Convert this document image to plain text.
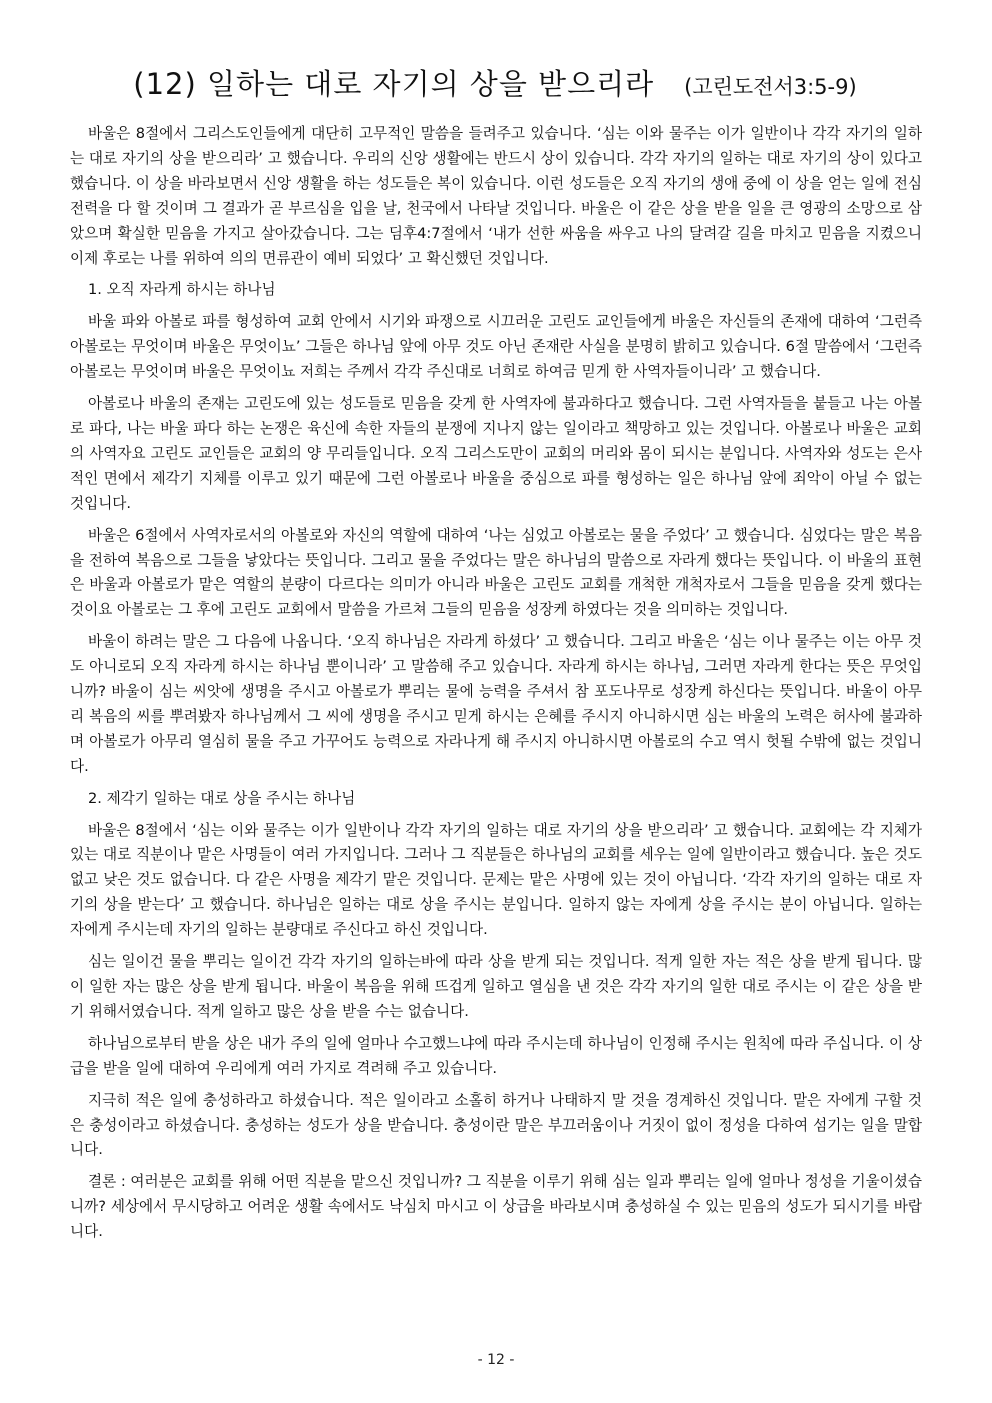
(12) 일하는 대로 자기의 상을 받으리라 (고린도전서3:5-9)

바울은 8절에서 그리스도인들에게 대단히 고무적인 말씀을 들려주고 있습니다. ‘심는 이와 물주는 이가 일반이나 각각 자기의 일하는 대로 자기의 상을 받으리라’ 고 했습니다. 우리의 신앙 생활에는 반드시 상이 있습니다. 각각 자기의 일하는 대로 자기의 상이 있다고 했습니다. 이 상을 바라보면서 신앙 생활을 하는 성도들은 복이 있습니다. 이런 성도들은 오직 자기의 생애 중에 이 상을 얻는 일에 전심전력을 다 할 것이며 그 결과가 곧 부르심을 입을 날, 천국에서 나타날 것입니다. 바울은 이 같은 상을 받을 일을 큰 영광의 소망으로 삼았으며 확실한 믿음을 가지고 살아갔습니다. 그는 딤후4:7절에서 ‘내가 선한 싸움을 싸우고 나의 달려갈 길을 마치고 믿음을 지켰으니 이제 후로는 나를 위하여 의의 면류관이 예비 되었다’ 고 확신했던 것입니다.

1. 오직 자라게 하시는 하나님

바울 파와 아볼로 파를 형성하여 교회 안에서 시기와 파쟁으로 시끄러운 고린도 교인들에게 바울은 자신들의 존재에 대하여 ‘그런즉 아볼로는 무엇이며 바울은 무엇이뇨’ 그들은 하나님 앞에 아무 것도 아닌 존재란 사실을 분명히 밝히고 있습니다. 6절 말씀에서 ‘그런즉 아볼로는 무엇이며 바울은 무엇이뇨 저희는 주께서 각각 주신대로 너희로 하여금 믿게 한 사역자들이니라’ 고 했습니다.

아볼로나 바울의 존재는 고린도에 있는 성도들로 믿음을 갖게 한 사역자에 불과하다고 했습니다. 그런 사역자들을 붙들고 나는 아볼로 파다, 나는 바울 파다 하는 논쟁은 육신에 속한 자들의 분쟁에 지나지 않는 일이라고 책망하고 있는 것입니다. 아볼로나 바울은 교회의 사역자요 고린도 교인들은 교회의 양 무리들입니다. 오직 그리스도만이 교회의 머리와 몸이 되시는 분입니다. 사역자와 성도는 은사적인 면에서 제각기 지체를 이루고 있기 때문에 그런 아볼로나 바울을 중심으로 파를 형성하는 일은 하나님 앞에 죄악이 아닐 수 없는 것입니다.

바울은 6절에서 사역자로서의 아볼로와 자신의 역할에 대하여 ‘나는 심었고 아볼로는 물을 주었다’ 고 했습니다. 심었다는 말은 복음을 전하여 복음으로 그들을 낳았다는 뜻입니다. 그리고 물을 주었다는 말은 하나님의 말씀으로 자라게 했다는 뜻입니다. 이 바울의 표현은 바울과 아볼로가 맡은 역할의 분량이 다르다는 의미가 아니라 바울은 고린도 교회를 개척한 개척자로서 그들을 믿음을 갖게 했다는 것이요 아볼로는 그 후에 고린도 교회에서 말씀을 가르쳐 그들의 믿음을 성장케 하였다는 것을 의미하는 것입니다.

바울이 하려는 말은 그 다음에 나옵니다. ‘오직 하나님은 자라게 하셨다’ 고 했습니다. 그리고 바울은 ‘심는 이나 물주는 이는 아무 것도 아니로되 오직 자라게 하시는 하나님 뿐이니라’ 고 말씀해 주고 있습니다. 자라게 하시는 하나님, 그러면 자라게 한다는 뜻은 무엇입니까? 바울이 심는 씨앗에 생명을 주시고 아볼로가 뿌리는 물에 능력을 주셔서 참 포도나무로 성장케 하신다는 뜻입니다. 바울이 아무리 복음의 씨를 뿌려봤자 하나님께서 그 씨에 생명을 주시고 믿게 하시는 은혜를 주시지 아니하시면 심는 바울의 노력은 허사에 불과하며 아볼로가 아무리 열심히 물을 주고 가꾸어도 능력으로 자라나게 해 주시지 아니하시면 아볼로의 수고 역시 헛될 수밖에 없는 것입니다.

2. 제각기 일하는 대로 상을 주시는 하나님

바울은 8절에서 ‘심는 이와 물주는 이가 일반이나 각각 자기의 일하는 대로 자기의 상을 받으리라’ 고 했습니다. 교회에는 각 지체가 있는 대로 직분이나 맡은 사명들이 여러 가지입니다. 그러나 그 직분들은 하나님의 교회를 세우는 일에 일반이라고 했습니다. 높은 것도 없고 낮은 것도 없습니다. 다 같은 사명을 제각기 맡은 것입니다. 문제는 맡은 사명에 있는 것이 아닙니다. ‘각각 자기의 일하는 대로 자기의 상을 받는다’ 고 했습니다. 하나님은 일하는 대로 상을 주시는 분입니다. 일하지 않는 자에게 상을 주시는 분이 아닙니다. 일하는 자에게 주시는데 자기의 일하는 분량대로 주신다고 하신 것입니다.

심는 일이건 물을 뿌리는 일이건 각각 자기의 일하는바에 따라 상을 받게 되는 것입니다. 적게 일한 자는 적은 상을 받게 됩니다. 많이 일한 자는 많은 상을 받게 됩니다. 바울이 복음을 위해 뜨겁게 일하고 열심을 낸 것은 각각 자기의 일한 대로 주시는 이 같은 상을 받기 위해서였습니다. 적게 일하고 많은 상을 받을 수는 없습니다.

하나님으로부터 받을 상은 내가 주의 일에 얼마나 수고했느냐에 따라 주시는데 하나님이 인정해 주시는 원칙에 따라 주십니다. 이 상급을 받을 일에 대하여 우리에게 여러 가지로 격려해 주고 있습니다.

지극히 적은 일에 충성하라고 하셨습니다. 적은 일이라고 소홀히 하거나 나태하지 말 것을 경계하신 것입니다. 맡은 자에게 구할 것은 충성이라고 하셨습니다. 충성하는 성도가 상을 받습니다. 충성이란 말은 부끄러움이나 거짓이 없이 정성을 다하여 섬기는 일을 말합니다.

결론 : 여러분은 교회를 위해 어떤 직분을 맡으신 것입니까? 그 직분을 이루기 위해 심는 일과 뿌리는 일에 얼마나 정성을 기울이셨습니까? 세상에서 무시당하고 어려운 생활 속에서도 낙심치 마시고 이 상급을 바라보시며 충성하실 수 있는 믿음의 성도가 되시기를 바랍니다.

- 12 -
